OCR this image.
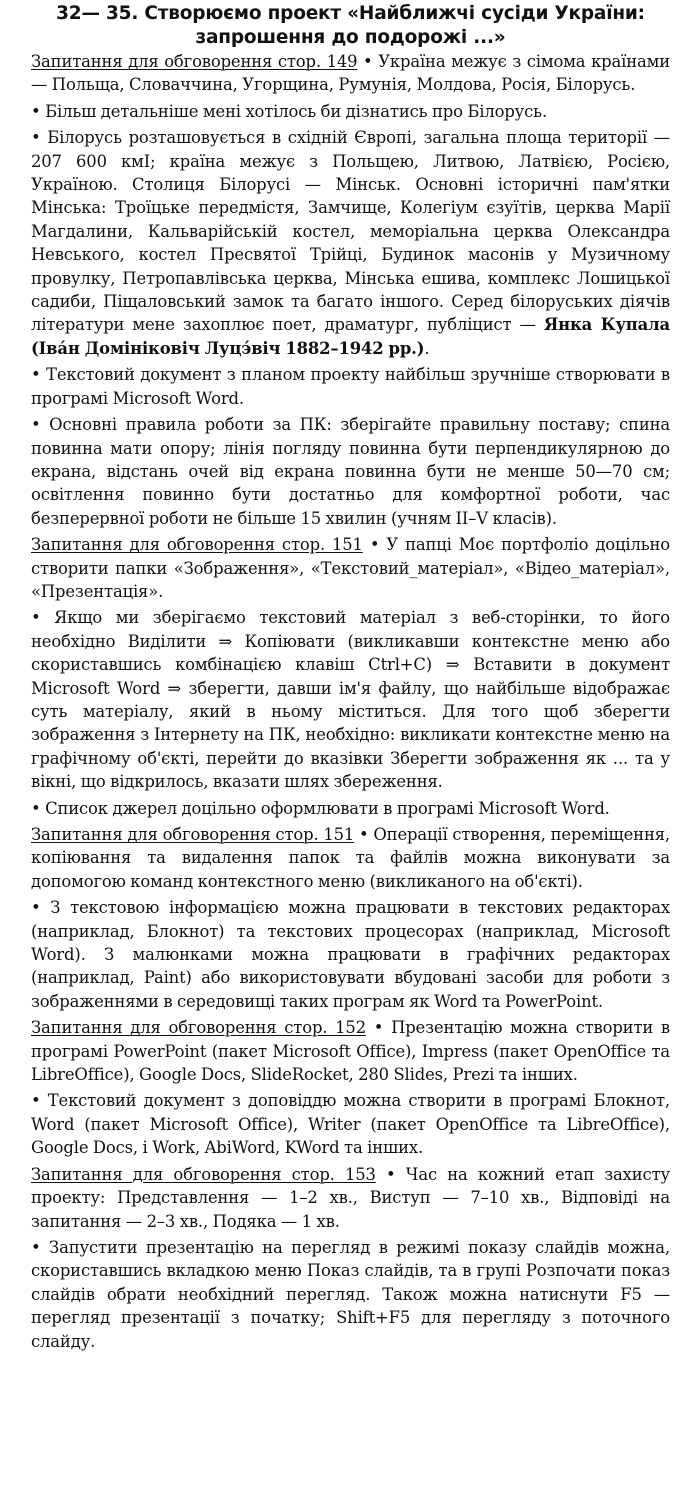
32— 35. Створюємо проект «Найближчі сусіди України:
запрошення до подорожі ...»

Запитання для обговорення стор. 149 • Україна межує з сімома країнами — Польща, Словаччина, Угорщина, Румунія, Молдова, Росія, Білорусь.

• Більш детальніше мені хотілось би дізнатись про Білорусь.

• Білорусь розташовується в східній Європі, загальна площа території — 207 600 кмІ; країна межує з Польщею, Литвою, Латвією, Росією, Україною. Столиця Білорусі — Мінськ. Основні історичні пам'ятки Мінська: Троїцьке передмістя, Замчище, Колегіум єзуїтів, церква Марії Магдалини, Кальварійській костел, меморіальна церква Олександра Невського, костел Пресвятої Трійці, Будинок масонів у Музичному провулку, Петропавлівська церква, Мінська ешива, комплекс Лошицької садиби, Піщаловський замок та багато іншого. Серед білоруських діячів літератури мене захоплює поет, драматург, публіцист — Янка Купала (Іва́н Домініковіч Луцэ́віч 1882–1942 рр.).

• Текстовий документ з планом проекту найбільш зручніше створювати в програмі Microsoft Word.

• Основні правила роботи за ПК: зберігайте правильну поставу; спина повинна мати опору; лінія погляду повинна бути перпендикулярною до екрана, відстань очей від екрана повинна бути не менше 50—70 см; освітлення повинно бути достатньо для комфортної роботи, час безперервної роботи не більше 15 хвилин (учням II–V класів).

Запитання для обговорення стор. 151 • У папці Моє портфоліо доцільно створити папки «Зображення», «Текстовий_матеріал», «Відео_матеріал», «Презентація».

• Якщо ми зберігаємо текстовий матеріал з веб-сторінки, то його необхідно Виділити ⇒ Копіювати (викликавши контекстне меню або скориставшись комбінацією клавіш Ctrl+C) ⇒ Вставити в документ Microsoft Word ⇒ зберегти, давши ім'я файлу, що найбільше відображає суть матеріалу, який в ньому міститься. Для того щоб зберегти зображення з Інтернету на ПК, необхідно: викликати контекстне меню на графічному об'єкті, перейти до вказівки Зберегти зображення як ... та у вікні, що відкрилось, вказати шлях збереження.

• Список джерел доцільно оформлювати в програмі Microsoft Word.

Запитання для обговорення стор. 151 • Операції створення, переміщення, копіювання та видалення папок та файлів можна виконувати за допомогою команд контекстного меню (викликаного на об'єкті).

• З текстовою інформацією можна працювати в текстових редакторах (наприклад, Блокнот) та текстових процесорах (наприклад, Microsoft Word). З малюнками можна працювати в графічних редакторах (наприклад, Paint) або використовувати вбудовані засоби для роботи з зображеннями в середовищі таких програм як Word та PowerPoint.

Запитання для обговорення стор. 152 • Презентацію можна створити в програмі PowerPoint (пакет Microsoft Office), Impress (пакет OpenOffice та LibreOffice), Google Docs, SlideRocket, 280 Slides, Prezi та інших.

• Текстовий документ з доповіддю можна створити в програмі Блокнот, Word (пакет Microsoft Office), Writer (пакет OpenOffice та LibreOffice), Google Docs, і Work, AbiWord, KWord та інших.

Запитання для обговорення стор. 153 • Час на кожний етап захисту проекту: Представлення — 1–2 хв., Виступ — 7–10 хв., Відповіді на запитання — 2–3 хв., Подяка — 1 хв.

• Запустити презентацію на перегляд в режимі показу слайдів можна, скориставшись вкладкою меню Показ слайдів, та в групі Розпочати показ слайдів обрати необхідний перегляд. Також можна натиснути F5 — перегляд презентації з початку; Shift+F5 для перегляду з поточного слайду.
